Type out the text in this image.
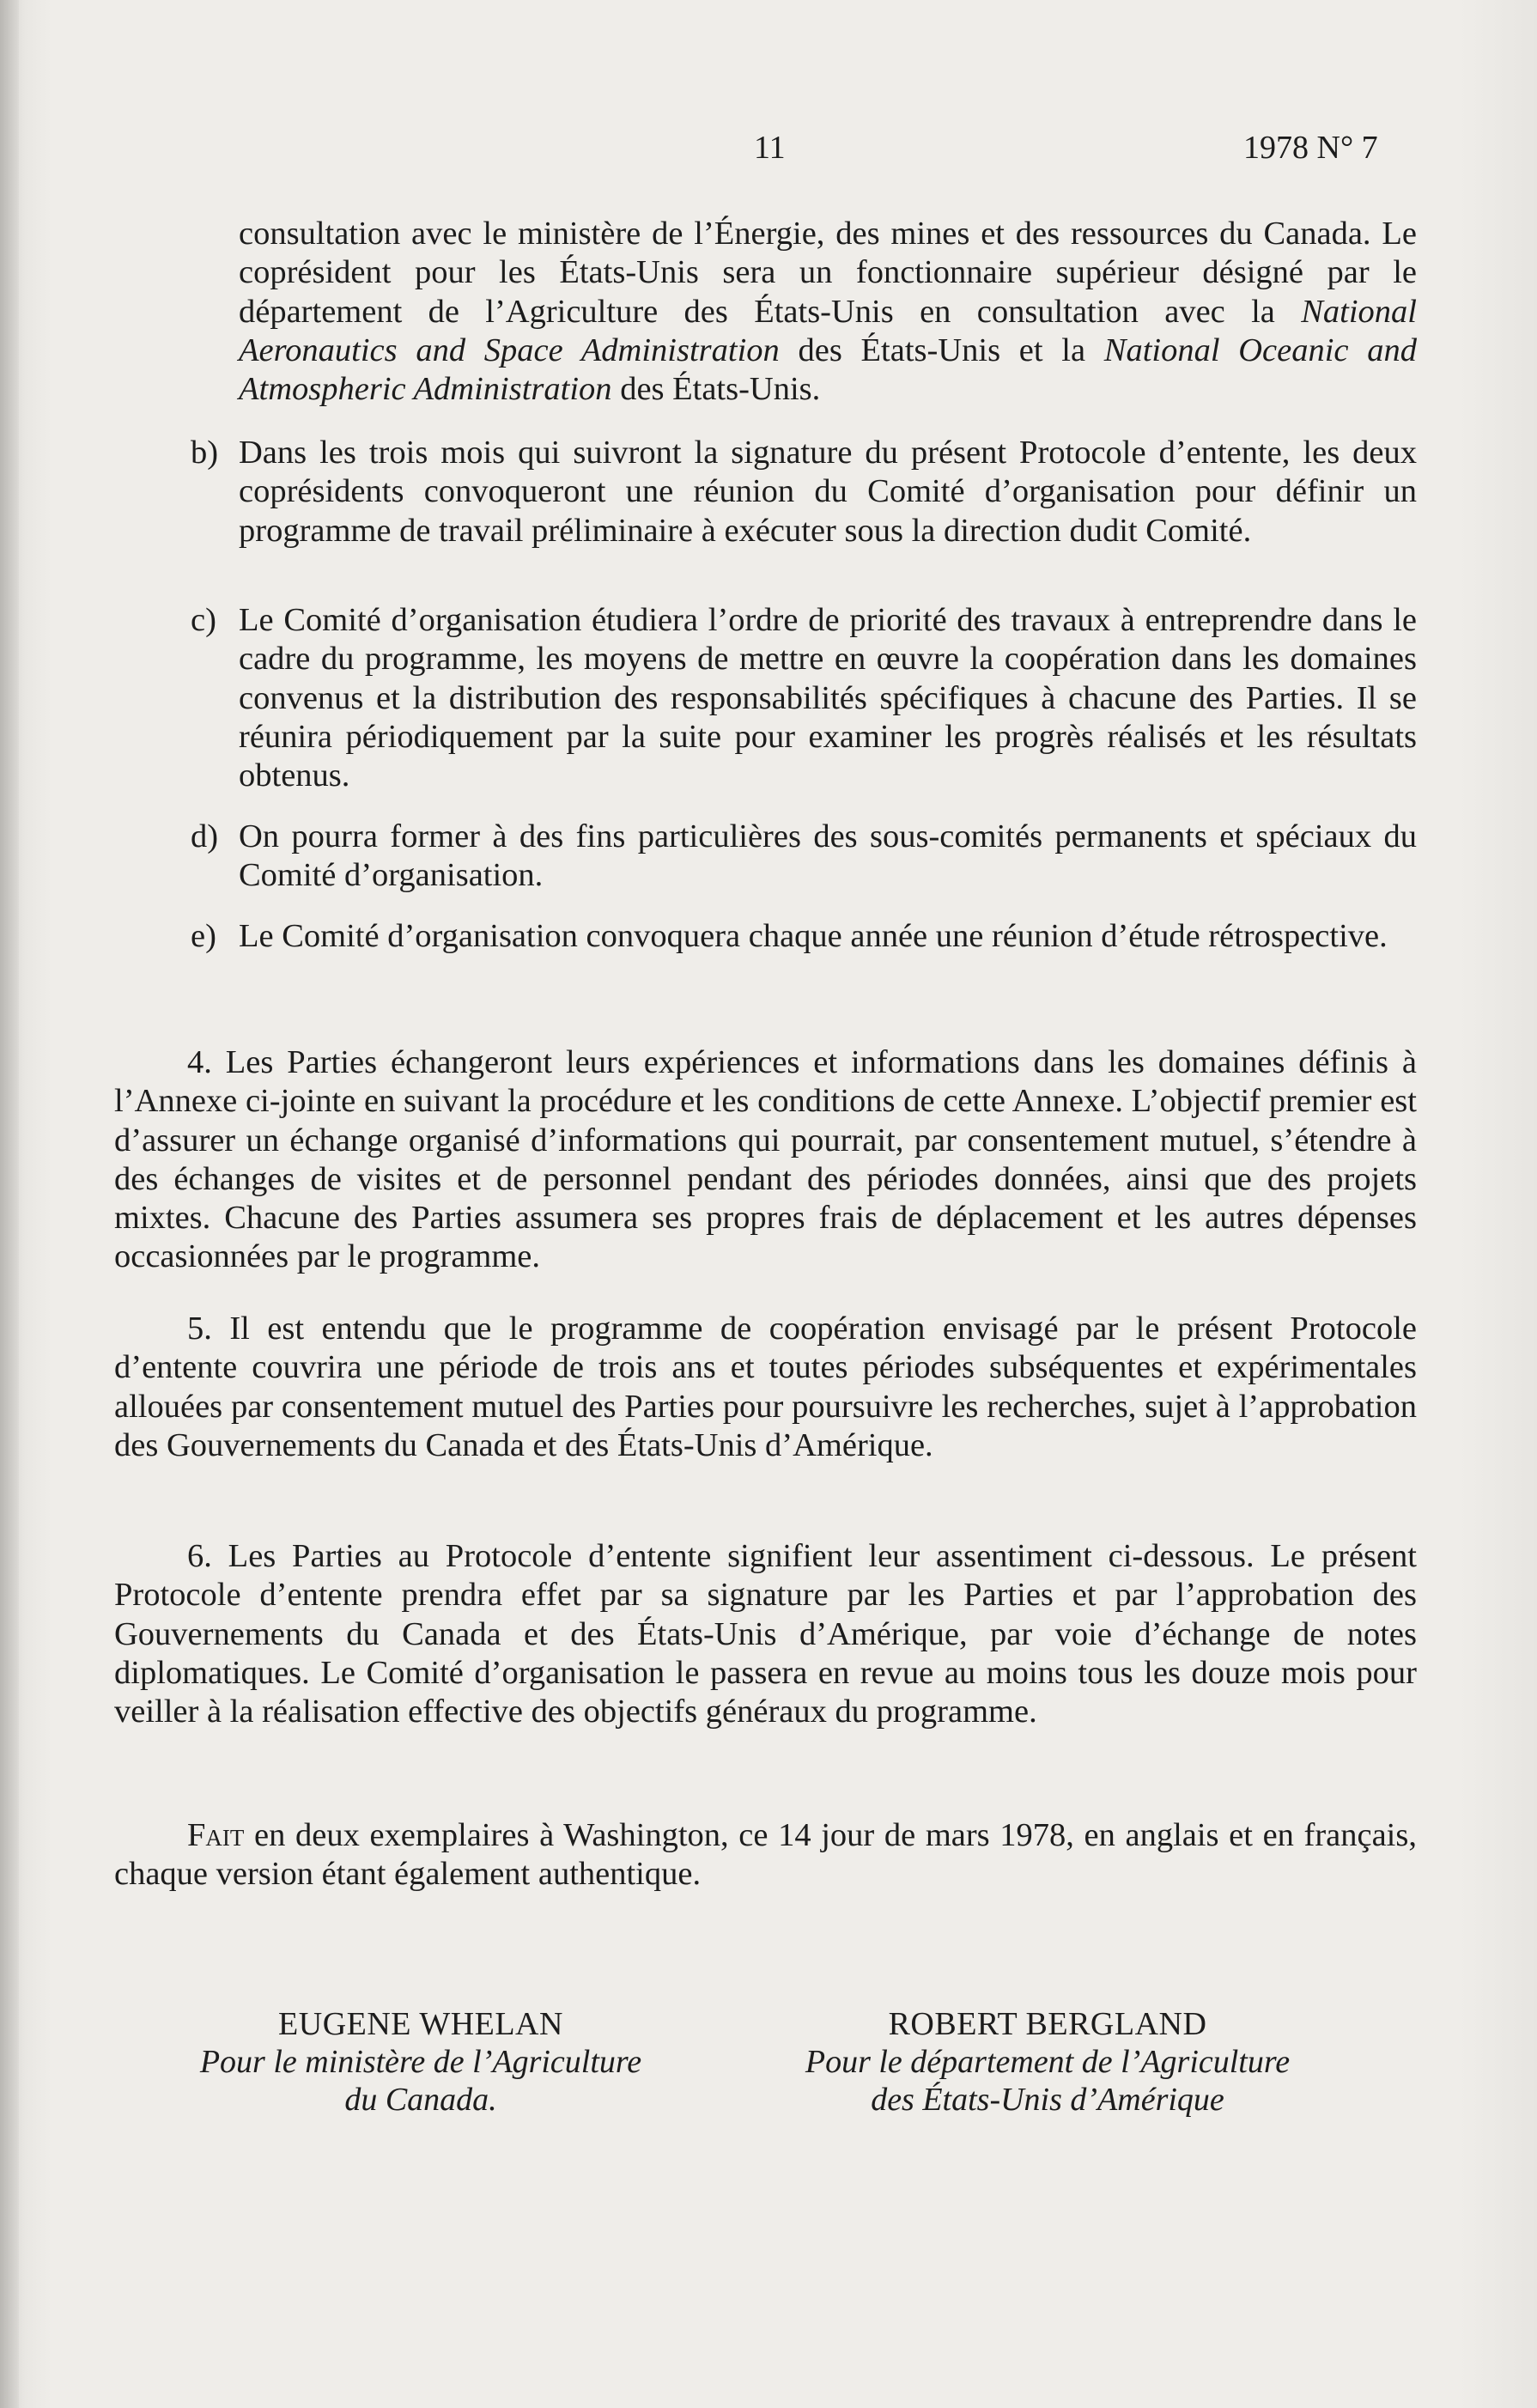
11	1978 N° 7

consultation avec le ministère de l’Énergie, des mines et des ressources du Canada. Le coprésident pour les États-Unis sera un fonctionnaire supérieur désigné par le département de l’Agriculture des États-Unis en consultation avec la National Aeronautics and Space Administration des États-Unis et la National Oceanic and Atmospheric Administration des États-Unis.

b) Dans les trois mois qui suivront la signature du présent Protocole d’entente, les deux coprésidents convoqueront une réunion du Comité d’organisation pour définir un programme de travail préliminaire à exécuter sous la direction dudit Comité.

c) Le Comité d’organisation étudiera l’ordre de priorité des travaux à entreprendre dans le cadre du programme, les moyens de mettre en œuvre la coopération dans les domaines convenus et la distribution des responsabilités spécifiques à chacune des Parties. Il se réunira périodiquement par la suite pour examiner les progrès réalisés et les résultats obtenus.

d) On pourra former à des fins particulières des sous-comités permanents et spéciaux du Comité d’organisation.

e) Le Comité d’organisation convoquera chaque année une réunion d’étude rétrospective.

4. Les Parties échangeront leurs expériences et informations dans les domaines définis à l’Annexe ci-jointe en suivant la procédure et les conditions de cette Annexe. L’objectif premier est d’assurer un échange organisé d’informations qui pourrait, par consentement mutuel, s’étendre à des échanges de visites et de personnel pendant des périodes données, ainsi que des projets mixtes. Chacune des Parties assumera ses propres frais de déplacement et les autres dépenses occasionnées par le programme.

5. Il est entendu que le programme de coopération envisagé par le présent Protocole d’entente couvrira une période de trois ans et toutes périodes subséquentes et expérimentales allouées par consentement mutuel des Parties pour poursuivre les recherches, sujet à l’approbation des Gouvernements du Canada et des États-Unis d’Amérique.

6. Les Parties au Protocole d’entente signifient leur assentiment ci-dessous. Le présent Protocole d’entente prendra effet par sa signature par les Parties et par l’approbation des Gouvernements du Canada et des États-Unis d’Amérique, par voie d’échange de notes diplomatiques. Le Comité d’organisation le passera en revue au moins tous les douze mois pour veiller à la réalisation effective des objectifs généraux du programme.

Fait en deux exemplaires à Washington, ce 14 jour de mars 1978, en anglais et en français, chaque version étant également authentique.

EUGENE WHELAN
Pour le ministère de l’Agriculture
du Canada.
ROBERT BERGLAND
Pour le département de l’Agriculture
des États-Unis d’Amérique
